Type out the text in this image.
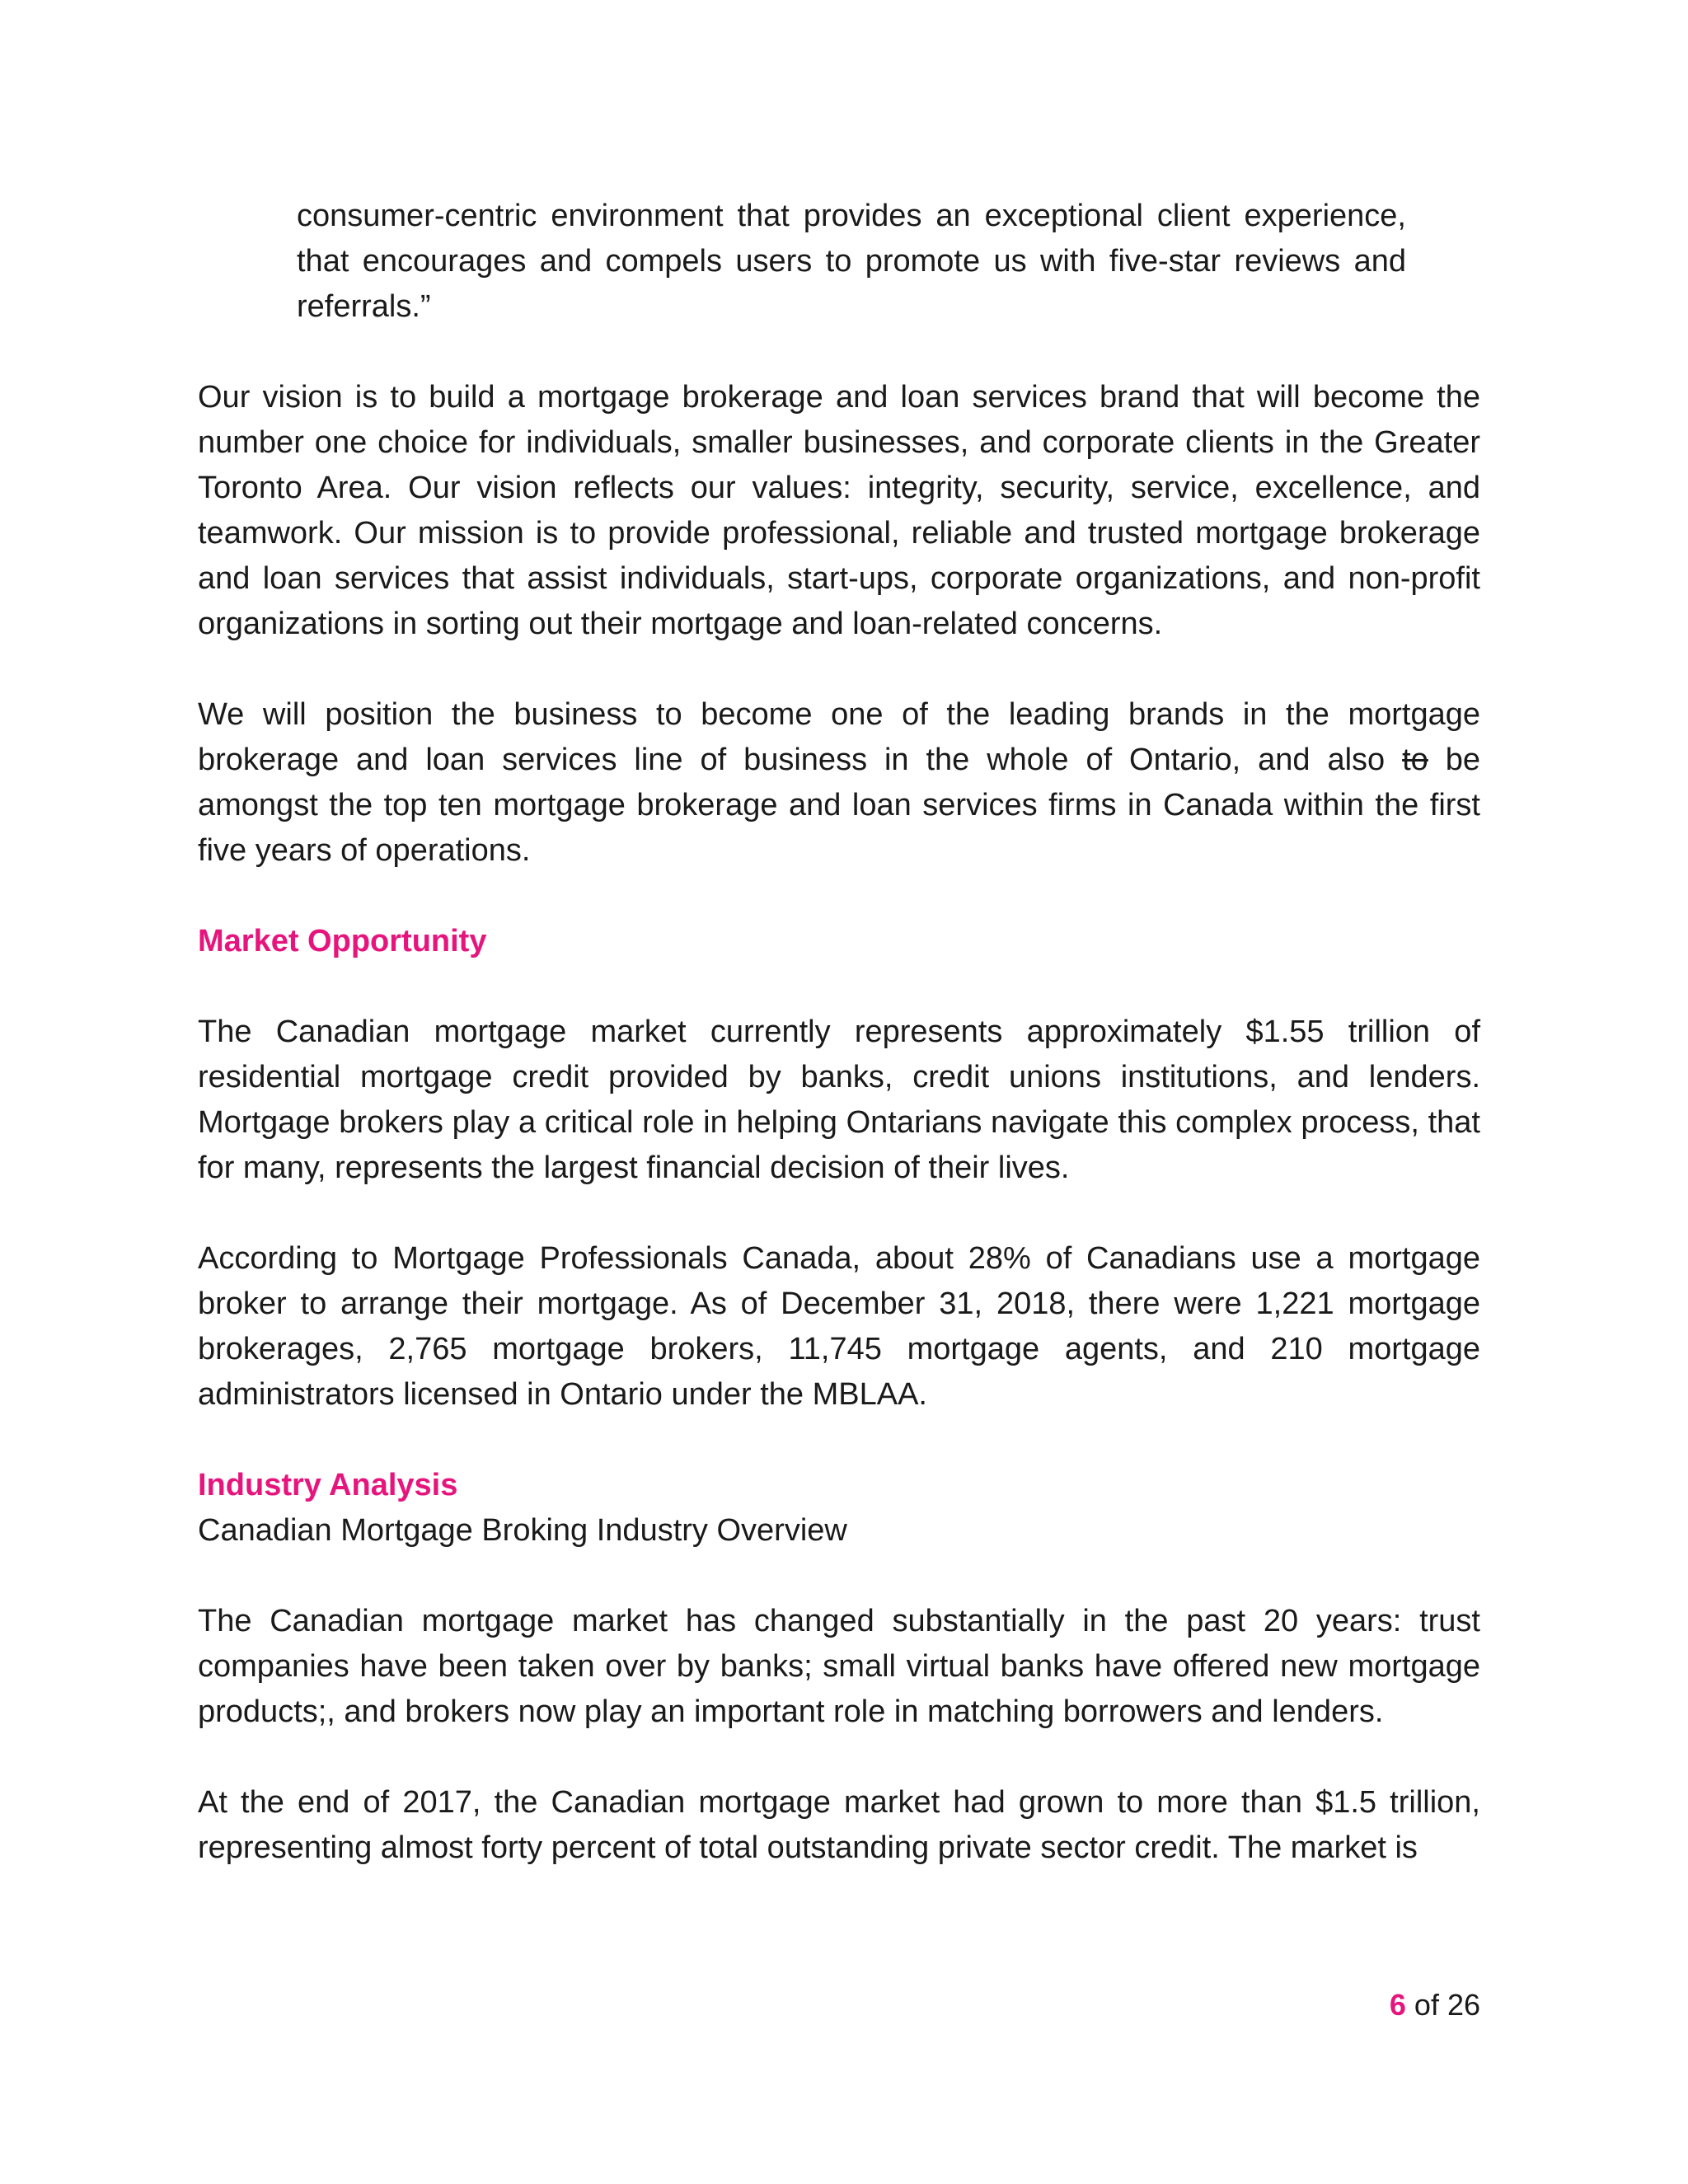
consumer-centric environment that provides an exceptional client experience, that encourages and compels users to promote us with five-star reviews and referrals.”

Our vision is to build a mortgage brokerage and loan services brand that will become the number one choice for individuals, smaller businesses, and corporate clients in the Greater Toronto Area. Our vision reflects our values: integrity, security, service, excellence, and teamwork. Our mission is to provide professional, reliable and trusted mortgage brokerage and loan services that assist individuals, start-ups, corporate organizations, and non-profit organizations in sorting out their mortgage and loan-related concerns.

We will position the business to become one of the leading brands in the mortgage brokerage and loan services line of business in the whole of Ontario, and also to be amongst the top ten mortgage brokerage and loan services firms in Canada within the first five years of operations.

Market Opportunity

The Canadian mortgage market currently represents approximately $1.55 trillion of residential mortgage credit provided by banks, credit unions institutions, and lenders. Mortgage brokers play a critical role in helping Ontarians navigate this complex process, that for many, represents the largest financial decision of their lives.

According to Mortgage Professionals Canada, about 28% of Canadians use a mortgage broker to arrange their mortgage. As of December 31, 2018, there were 1,221 mortgage brokerages, 2,765 mortgage brokers, 11,745 mortgage agents, and 210 mortgage administrators licensed in Ontario under the MBLAA.

Industry Analysis

Canadian Mortgage Broking Industry Overview

The Canadian mortgage market has changed substantially in the past 20 years: trust companies have been taken over by banks; small virtual banks have offered new mortgage products;, and brokers now play an important role in matching borrowers and lenders.

At the end of 2017, the Canadian mortgage market had grown to more than $1.5 trillion, representing almost forty percent of total outstanding private sector credit. The market is

6 of 26
